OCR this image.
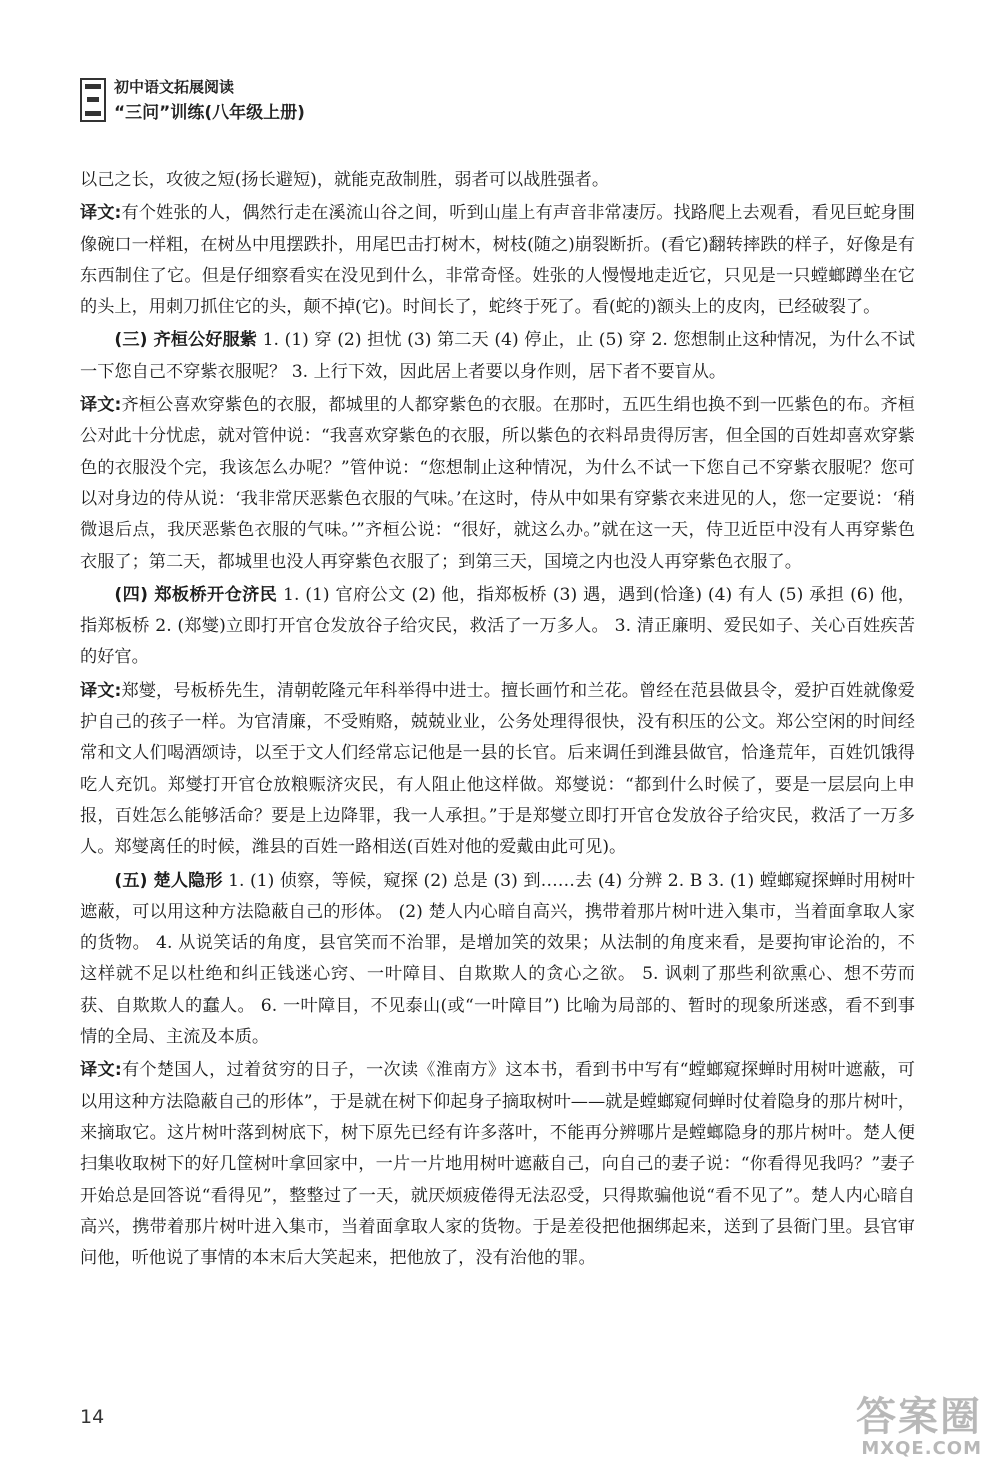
初中语文拓展阅读
“三问”训练(八年级上册)

以己之长，攻彼之短(扬长避短)，就能克敌制胜，弱者可以战胜强者。

译文:有个姓张的人，偶然行走在溪流山谷之间，听到山崖上有声音非常凄厉。找路爬上去观看，看见巨蛇身围像碗口一样粗，在树丛中甩摆跌扑，用尾巴击打树木，树枝(随之)崩裂断折。(看它)翻转摔跌的样子，好像是有东西制住了它。但是仔细察看实在没见到什么，非常奇怪。姓张的人慢慢地走近它，只见是一只螳螂蹲坐在它的头上，用刺刀抓住它的头，颠不掉(它)。时间长了，蛇终于死了。看(蛇的)额头上的皮肉，已经破裂了。

(三) 齐桓公好服紫 1. (1) 穿 (2) 担忧 (3) 第二天 (4) 停止，止 (5) 穿 2. 您想制止这种情况，为什么不试一下您自己不穿紫衣服呢？ 3. 上行下效，因此居上者要以身作则，居下者不要盲从。

译文:齐桓公喜欢穿紫色的衣服，都城里的人都穿紫色的衣服。在那时，五匹生绢也换不到一匹紫色的布。齐桓公对此十分忧虑，就对管仲说：“我喜欢穿紫色的衣服，所以紫色的衣料昂贵得厉害，但全国的百姓却喜欢穿紫色的衣服没个完，我该怎么办呢？”管仲说：“您想制止这种情况，为什么不试一下您自己不穿紫衣服呢？您可以对身边的侍从说：‘我非常厌恶紫色衣服的气味。’在这时，侍从中如果有穿紫衣来进见的人，您一定要说：‘稍微退后点，我厌恶紫色衣服的气味。’”齐桓公说：“很好，就这么办。”就在这一天，侍卫近臣中没有人再穿紫色衣服了；第二天，都城里也没人再穿紫色衣服了；到第三天，国境之内也没人再穿紫色衣服了。

(四) 郑板桥开仓济民 1. (1) 官府公文 (2) 他，指郑板桥 (3) 遇，遇到(恰逢) (4) 有人 (5) 承担 (6) 他，指郑板桥 2. (郑燮)立即打开官仓发放谷子给灾民，救活了一万多人。 3. 清正廉明、爱民如子、关心百姓疾苦的好官。

译文:郑燮，号板桥先生，清朝乾隆元年科举得中进士。擅长画竹和兰花。曾经在范县做县令，爱护百姓就像爱护自己的孩子一样。为官清廉，不受贿赂，兢兢业业，公务处理得很快，没有积压的公文。郑公空闲的时间经常和文人们喝酒颂诗，以至于文人们经常忘记他是一县的长官。后来调任到潍县做官，恰逢荒年，百姓饥饿得吃人充饥。郑燮打开官仓放粮赈济灾民，有人阻止他这样做。郑燮说：“都到什么时候了，要是一层层向上申报，百姓怎么能够活命？要是上边降罪，我一人承担。”于是郑燮立即打开官仓发放谷子给灾民，救活了一万多人。郑燮离任的时候，潍县的百姓一路相送(百姓对他的爱戴由此可见)。

(五) 楚人隐形 1. (1) 侦察，等候，窥探 (2) 总是 (3) 到……去 (4) 分辨 2. B 3. (1) 螳螂窥探蝉时用树叶遮蔽，可以用这种方法隐蔽自己的形体。 (2) 楚人内心暗自高兴，携带着那片树叶进入集市，当着面拿取人家的货物。 4. 从说笑话的角度，县官笑而不治罪，是增加笑的效果；从法制的角度来看，是要拘审论治的，不这样就不足以杜绝和纠正钱迷心窍、一叶障目、自欺欺人的贪心之欲。 5. 讽刺了那些利欲熏心、想不劳而获、自欺欺人的蠢人。 6. 一叶障目，不见泰山(或“一叶障目”) 比喻为局部的、暂时的现象所迷惑，看不到事情的全局、主流及本质。

译文:有个楚国人，过着贫穷的日子，一次读《淮南方》这本书，看到书中写有“螳螂窥探蝉时用树叶遮蔽，可以用这种方法隐蔽自己的形体”，于是就在树下仰起身子摘取树叶——就是螳螂窥伺蝉时仗着隐身的那片树叶，来摘取它。这片树叶落到树底下，树下原先已经有许多落叶，不能再分辨哪片是螳螂隐身的那片树叶。楚人便扫集收取树下的好几筐树叶拿回家中，一片一片地用树叶遮蔽自己，向自己的妻子说：“你看得见我吗？”妻子开始总是回答说“看得见”，整整过了一天，就厌烦疲倦得无法忍受，只得欺骗他说“看不见了”。楚人内心暗自高兴，携带着那片树叶进入集市，当着面拿取人家的货物。于是差役把他捆绑起来，送到了县衙门里。县官审问他，听他说了事情的本末后大笑起来，把他放了，没有治他的罪。

14	答案圈
MXQE.COM
